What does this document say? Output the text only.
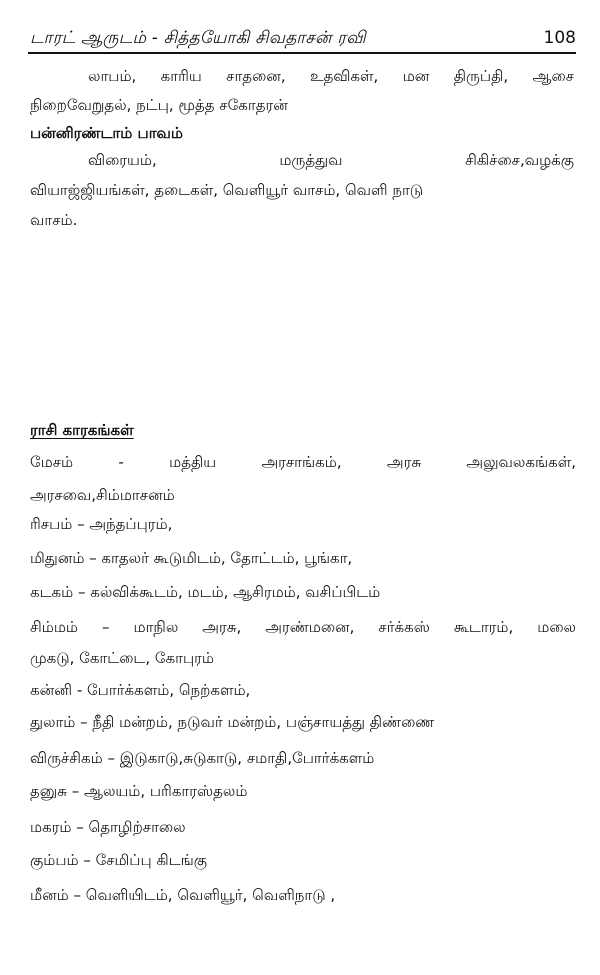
டாரட் ஆருடம் - சித்தயோகி சிவதாசன் ரவி	108
லாபம், காரிய சாதனை, உதவிகள், மன திருப்தி, ஆசை
நிறைவேறுதல், நட்பு, மூத்த சகோதரன்
பன்னிரண்டாம் பாவம்
விரையம், மருத்துவ சிகிச்சை,வழக்கு
வியாஜ்ஜியங்கள், தடைகள், வெளியூர் வாசம், வெளி நாடு
வாசம்.
ராசி காரகங்கள்
மேசம் - மத்திய அரசாங்கம், அரசு அலுவலகங்கள்,
அரசவை,சிம்மாசனம்
ரிசபம் – அந்தப்புரம்,
மிதுனம் – காதலர் கூடுமிடம், தோட்டம், பூங்கா,
கடகம் – கல்விக்கூடம், மடம், ஆசிரமம், வசிப்பிடம்
சிம்மம் – மாநில அரசு, அரண்மனை, சர்க்கஸ் கூடாரம், மலை
முகடு, கோட்டை, கோபுரம்
கன்னி - போர்க்களம், நெற்களம்,
துலாம் – நீதி மன்றம், நடுவர் மன்றம், பஞ்சாயத்து திண்ணை
விருச்சிகம் – இடுகாடு,சுடுகாடு, சமாதி,போர்க்களம்
தனுசு – ஆலயம், பரிகாரஸ்தலம்
மகரம் – தொழிற்சாலை
கும்பம் – சேமிப்பு கிடங்கு
மீனம் – வெளியிடம், வெளியூர், வெளிநாடு ,
